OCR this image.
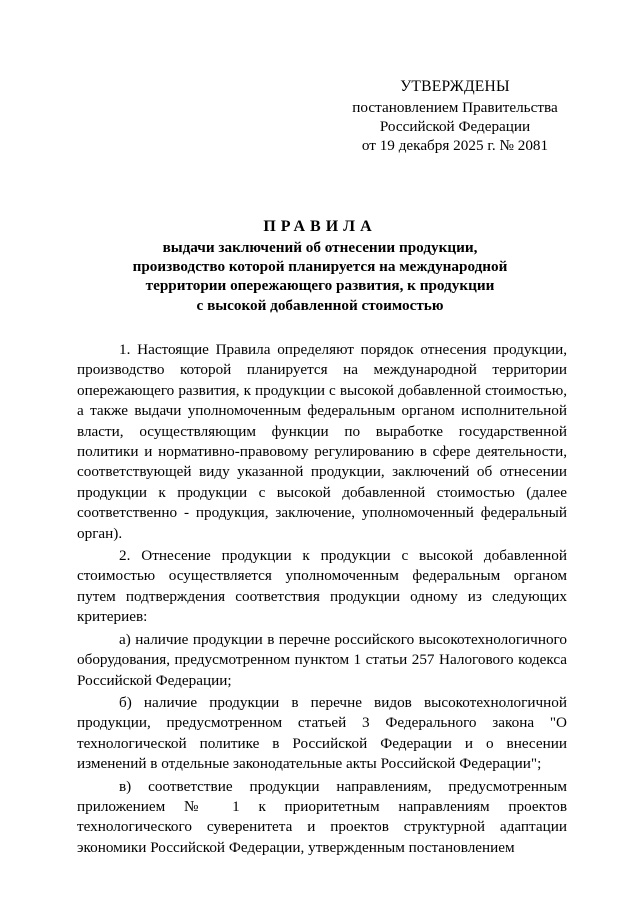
УТВЕРЖДЕНЫ
постановлением Правительства
Российской Федерации
от 19 декабря 2025 г. № 2081
ПРАВИЛА
выдачи заключений об отнесении продукции,
производство которой планируется на международной
территории опережающего развития, к продукции
с высокой добавленной стоимостью

1. Настоящие Правила определяют порядок отнесения продукции, производство которой планируется на международной территории опережающего развития, к продукции с высокой добавленной стоимостью, а также выдачи уполномоченным федеральным органом исполнительной власти, осуществляющим функции по выработке государственной политики и нормативно-правовому регулированию в сфере деятельности, соответствующей виду указанной продукции, заключений об отнесении продукции к продукции с высокой добавленной стоимостью (далее соответственно - продукция, заключение, уполномоченный федеральный орган).

2. Отнесение продукции к продукции с высокой добавленной стоимостью осуществляется уполномоченным федеральным органом путем подтверждения соответствия продукции одному из следующих критериев:

а) наличие продукции в перечне российского высокотехнологичного оборудования, предусмотренном пунктом 1 статьи 257 Налогового кодекса Российской Федерации;

б) наличие продукции в перечне видов высокотехнологичной продукции, предусмотренном статьей 3 Федерального закона "О технологической политике в Российской Федерации и о внесении изменений в отдельные законодательные акты Российской Федерации";

в) соответствие продукции направлениям, предусмотренным приложением № 1 к приоритетным направлениям проектов технологического суверенитета и проектов структурной адаптации экономики Российской Федерации, утвержденным постановлением
